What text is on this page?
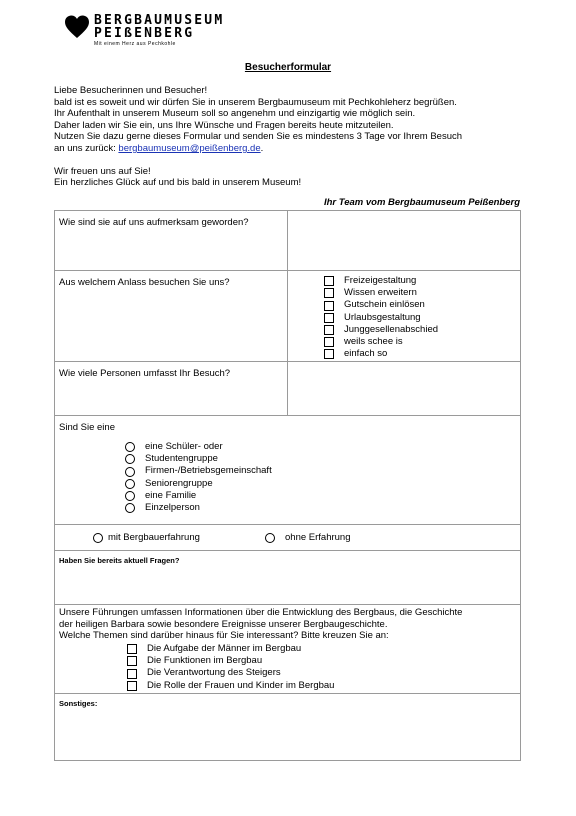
BERGBAUMUSEUM
PEIßENBERG
Mit einem Herz aus Pechkohle
Besucherformular

Liebe Besucherinnen und Besucher!

bald ist es soweit und wir dürfen Sie in unserem Bergbaumuseum mit Pechkohleherz begrüßen.

Ihr Aufenthalt in unserem Museum soll so angenehm und einzigartig wie möglich sein.

Daher laden wir Sie ein, uns Ihre Wünsche und Fragen bereits heute mitzuteilen.

Nutzen Sie dazu gerne dieses Formular und senden Sie es mindestens 3 Tage vor Ihrem Besuch

an uns zurück: bergbaumuseum@peißenberg.de.

Wir freuen uns auf Sie!

Ein herzliches Glück auf und bis bald in unserem Museum!

Ihr Team vom Bergbaumuseum Peißenberg
Wie sind sie auf uns aufmerksam geworden?
Aus welchem Anlass besuchen Sie uns?	Freizeigestaltung
Wissen erweitern
Gutschein einlösen
Urlaubsgestaltung
Junggesellenabschied
weils schee is
einfach so
Wie viele Personen umfasst Ihr Besuch?
Sind Sie eine
eine Schüler- oder
Studentengruppe
Firmen-/Betriebsgemeinschaft
Seniorengruppe
eine Familie
Einzelperson
mit Bergbauerfahrung	ohne Erfahrung
Haben Sie bereits aktuell Fragen?
Unsere Führungen umfassen Informationen über die Entwicklung des Bergbaus, die Geschichte
der heiligen Barbara sowie besondere Ereignisse unserer Bergbaugeschichte.
Welche Themen sind darüber hinaus für Sie interessant? Bitte kreuzen Sie an:
Die Aufgabe der Männer im Bergbau
Die Funktionen im Bergbau
Die Verantwortung des Steigers
Die Rolle der Frauen und Kinder im Bergbau
Sonstiges:
